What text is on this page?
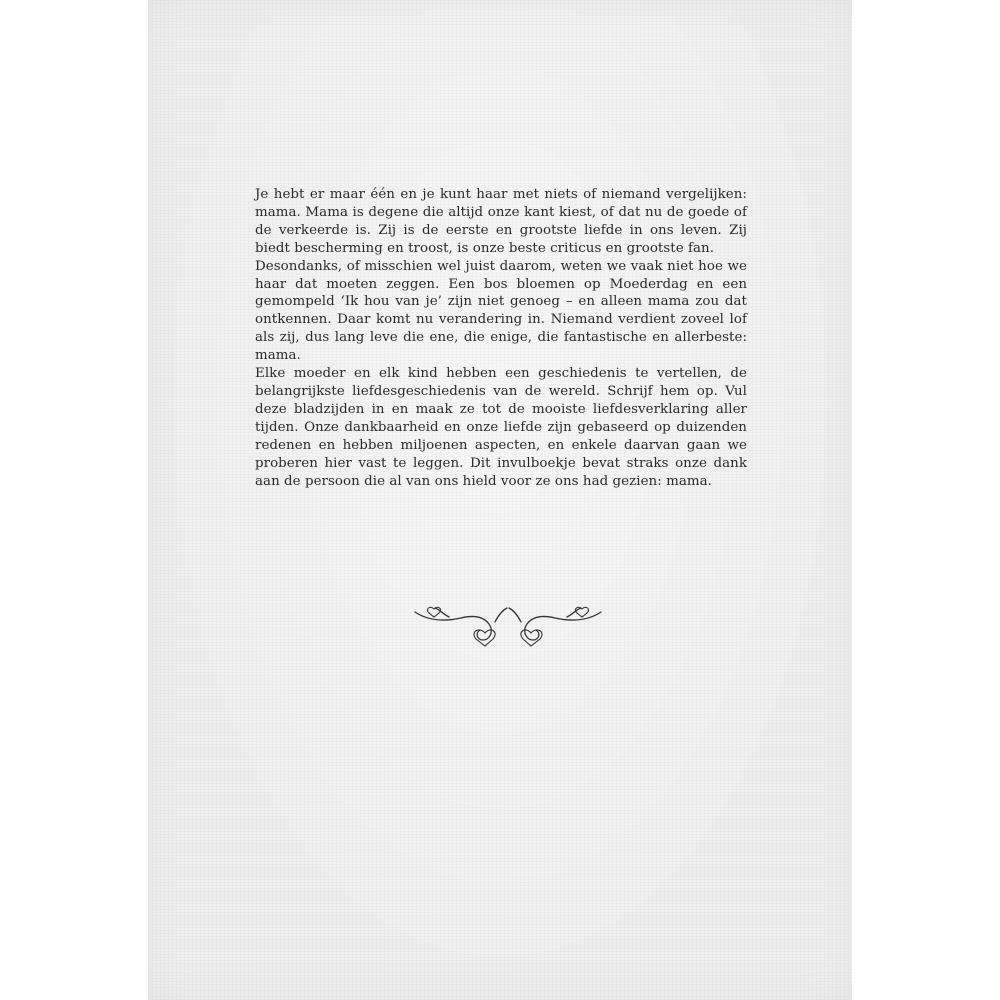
Je hebt er maar één en je kunt haar met niets of niemand vergelijken: mama. Mama is degene die altijd onze kant kiest, of dat nu de goede of de verkeerde is. Zij is de eerste en grootste liefde in ons leven. Zij biedt bescherming en troost, is onze beste criticus en grootste fan.

Desondanks, of misschien wel juist daarom, weten we vaak niet hoe we haar dat moeten zeggen. Een bos bloemen op Moederdag en een gemompeld ‘Ik hou van je’ zijn niet genoeg – en alleen mama zou dat ontkennen. Daar komt nu verandering in. Niemand verdient zoveel lof als zij, dus lang leve die ene, die enige, die fantastische en allerbeste: mama.

Elke moeder en elk kind hebben een geschiedenis te vertellen, de belangrijkste liefdesgeschiedenis van de wereld. Schrijf hem op. Vul deze bladzijden in en maak ze tot de mooiste liefdesverklaring aller tijden. Onze dankbaarheid en onze liefde zijn gebaseerd op duizenden redenen en hebben miljoenen aspecten, en enkele daarvan gaan we proberen hier vast te leggen. Dit invulboekje bevat straks onze dank aan de persoon die al van ons hield voor ze ons had gezien: mama.
